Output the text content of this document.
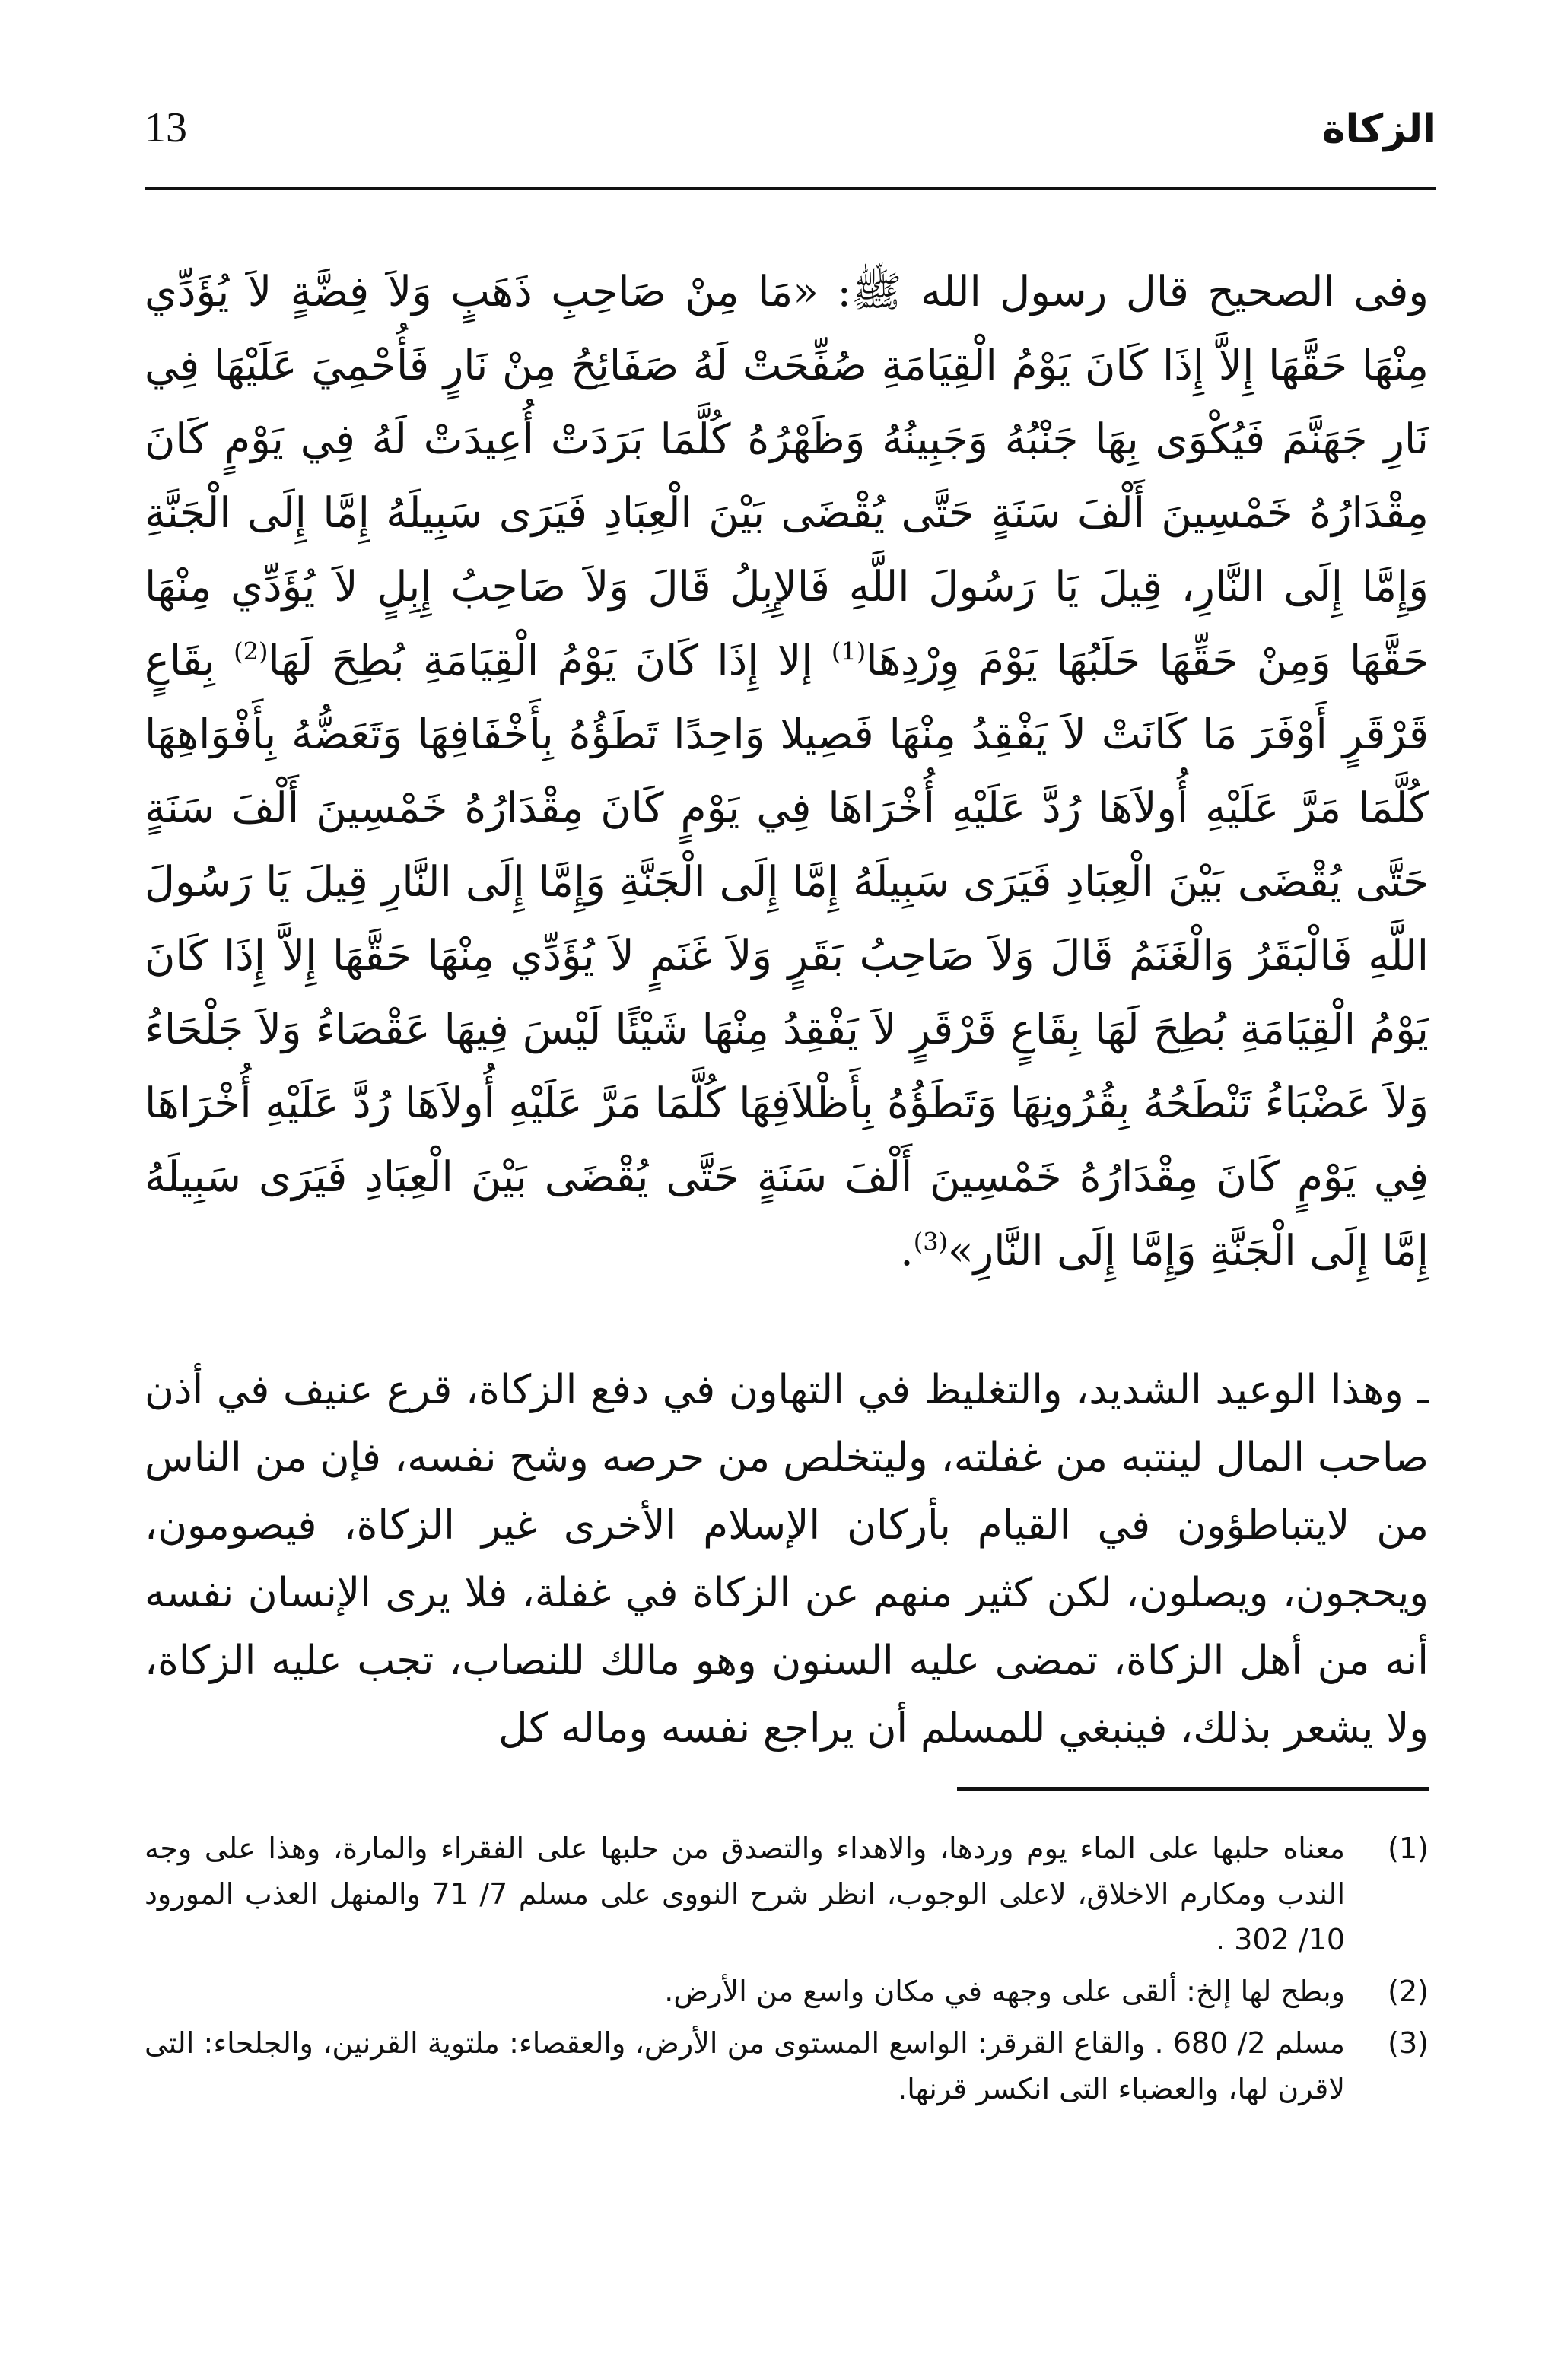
الزكاة
13

وفى الصحيح قال رسول الله ﷺ: «مَا مِنْ صَاحِبِ ذَهَبٍ وَلاَ فِضَّةٍ لاَ يُؤَدِّي مِنْهَا حَقَّهَا إِلاَّ إِذَا كَانَ يَوْمُ الْقِيَامَةِ صُفِّحَتْ لَهُ صَفَائِحُ مِنْ نَارٍ فَأُحْمِيَ عَلَيْهَا فِي نَارِ جَهَنَّمَ فَيُكْوَى بِهَا جَنْبُهُ وَجَبِينُهُ وَظَهْرُهُ كُلَّمَا بَرَدَتْ أُعِيدَتْ لَهُ فِي يَوْمٍ كَانَ مِقْدَارُهُ خَمْسِينَ أَلْفَ سَنَةٍ حَتَّى يُقْضَى بَيْنَ الْعِبَادِ فَيَرَى سَبِيلَهُ إِمَّا إِلَى الْجَنَّةِ وَإِمَّا إِلَى النَّارِ، قِيلَ يَا رَسُولَ اللَّهِ فَالإِبِلُ قَالَ وَلاَ صَاحِبُ إِبِلٍ لاَ يُؤَدِّي مِنْهَا حَقَّهَا وَمِنْ حَقِّهَا حَلَبُهَا يَوْمَ وِرْدِهَا$^{(1)}$ إلا إِذَا كَانَ يَوْمُ الْقِيَامَةِ بُطِحَ لَهَا$^{(2)}$ بِقَاعٍ قَرْقَرٍ أَوْفَرَ مَا كَانَتْ لاَ يَفْقِدُ مِنْهَا فَصِيلا وَاحِدًا تَطَؤُهُ بِأَخْفَافِهَا وَتَعَضُّهُ بِأَفْوَاهِهَا كُلَّمَا مَرَّ عَلَيْهِ أُولاَهَا رُدَّ عَلَيْهِ أُخْرَاهَا فِي يَوْمٍ كَانَ مِقْدَارُهُ خَمْسِينَ أَلْفَ سَنَةٍ حَتَّى يُقْضَى بَيْنَ الْعِبَادِ فَيَرَى سَبِيلَهُ إِمَّا إِلَى الْجَنَّةِ وَإِمَّا إِلَى النَّارِ قِيلَ يَا رَسُولَ اللَّهِ فَالْبَقَرُ وَالْغَنَمُ قَالَ وَلاَ صَاحِبُ بَقَرٍ وَلاَ غَنَمٍ لاَ يُؤَدِّي مِنْهَا حَقَّهَا إِلاَّ إِذَا كَانَ يَوْمُ الْقِيَامَةِ بُطِحَ لَهَا بِقَاعٍ قَرْقَرٍ لاَ يَفْقِدُ مِنْهَا شَيْئًا لَيْسَ فِيهَا عَقْصَاءُ وَلاَ جَلْحَاءُ وَلاَ عَضْبَاءُ تَنْطَحُهُ بِقُرُونِهَا وَتَطَؤُهُ بِأَظْلاَفِهَا كُلَّمَا مَرَّ عَلَيْهِ أُولاَهَا رُدَّ عَلَيْهِ أُخْرَاهَا فِي يَوْمٍ كَانَ مِقْدَارُهُ خَمْسِينَ أَلْفَ سَنَةٍ حَتَّى يُقْضَى بَيْنَ الْعِبَادِ فَيَرَى سَبِيلَهُ إِمَّا إِلَى الْجَنَّةِ وَإِمَّا إِلَى النَّارِ»$^{(3)}$.

ـ وهذا الوعيد الشديد، والتغليظ في التهاون في دفع الزكاة، قرع عنيف في أذن صاحب المال لينتبه من غفلته، وليتخلص من حرصه وشح نفسه، فإن من الناس من لايتباطؤون في القيام بأركان الإسلام الأخرى غير الزكاة، فيصومون، ويحجون، ويصلون، لكن كثير منهم عن الزكاة في غفلة، فلا يرى الإنسان نفسه أنه من أهل الزكاة، تمضى عليه السنون وهو مالك للنصاب، تجب عليه الزكاة، ولا يشعر بذلك، فينبغي للمسلم أن يراجع نفسه وماله كل

(1)
معناه حلبها على الماء يوم وردها، والاهداء والتصدق من حلبها على الفقراء والمارة، وهذا على وجه الندب ومكارم الاخلاق، لاعلى الوجوب، انظر شرح النووى على مسلم 7/ 71 والمنهل العذب المورود 10/ 302 .
(2)
وبطح لها إلخ: ألقى على وجهه في مكان واسع من الأرض.
(3)
مسلم 2/ 680 . والقاع القرقر: الواسع المستوى من الأرض، والعقصاء: ملتوية القرنين، والجلحاء: التى لاقرن لها، والعضباء التى انكسر قرنها.
